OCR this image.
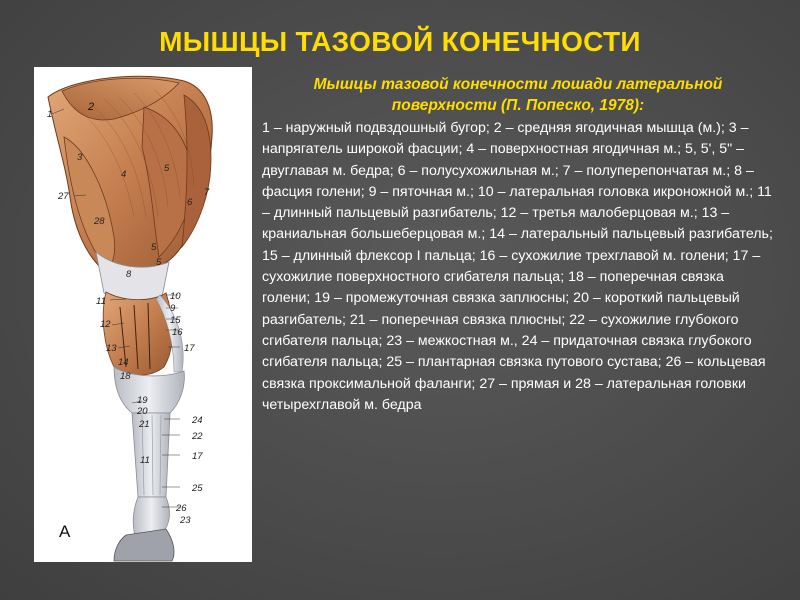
МЫШЦЫ ТАЗОВОЙ КОНЕЧНОСТИ
1
2
3
4
5
5
5
6
7
27
28
8
11	10
9
15
12
16
13	17
14
18
19
20
21	24
22
11	17
25
26
23
А

Мышцы тазовой конечности лошади латеральной поверхности (П. Попеско, 1978):

1 – наружный подвздошный бугор; 2 – средняя ягодичная мышца (м.); 3 – напрягатель широкой фасции; 4 – поверхностная ягодичная м.; 5, 5', 5" – двуглавая м. бедра; 6 – полусухожильная м.; 7 – полуперепончатая м.; 8 – фасция голени; 9 – пяточная м.; 10 – латеральная головка икроножной м.; 11 – длинный пальцевый разгибатель; 12 – третья малоберцовая м.; 13 – краниальная большеберцовая м.; 14 – латеральный пальцевый разгибатель; 15 – длинный флексор I пальца; 16 – сухожилие трехглавой м. голени; 17 – сухожилие поверхностного сгибателя пальца; 18 – поперечная связка голени; 19 – промежуточная связка заплюсны; 20 – короткий пальцевый разгибатель; 21 – поперечная связка плюсны; 22 – сухожилие глубокого сгибателя пальца; 23 – межкостная м., 24 – придаточная связка глубокого сгибателя пальца; 25 – плантарная связка путового сустава; 26 – кольцевая связка проксимальной фаланги; 27 – прямая и 28 – латеральная головки четырехглавой м. бедра
